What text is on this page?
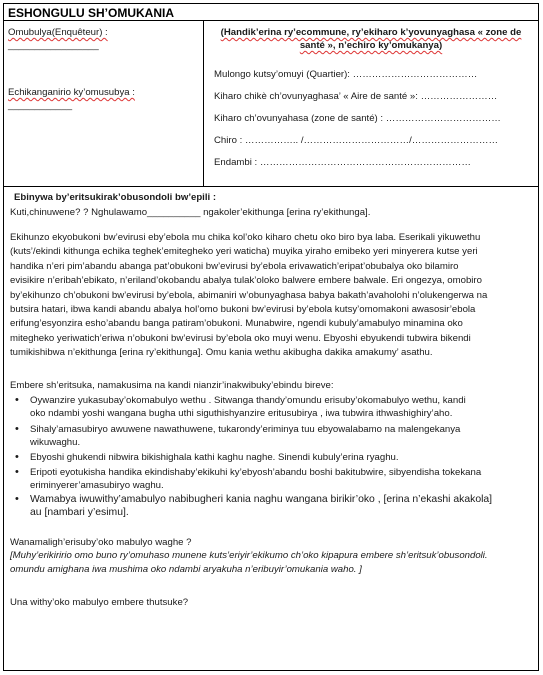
ESHONGULU SH’OMUKANIA
Omubulya(Enquêteur) :
_________________
Echikanganirio ky’omusubya :
____________
(Handik’erina ry’ecommune, ry’ekiharo k’yovunyaghasa « zone de
santé », n’echiro ky’omukanya)
Mulongo kutsy’omuyi (Quartier): …………………………………
Kiharo chikè ch’ovunyaghasa’ « Aire de santé »: ……………………
Kiharo ch’ovunyahasa (zone de santé) : ………………………………
Chiro : …………….. /……………………………/………………………
Endambi : …………………………………………………………
Ebinywa by’eritsukirak’obusondoli bw’epili :
Kuti,chinuwene? ? Nghulawamo__________ ngakoler’ekithunga [erina ry’ekithunga].
Ekihunzo ekyobukoni bw’evirusi eby’ebola mu chika kol’oko kiharo chetu oko biro bya laba. Eserikali yikuwethu
(kuts’/ekindi kithunga echika teghek’emitegheko yeri waticha) muyika yiraho emibeko yeri minyerera kutse yeri
handika n’eri pim’abandu abanga pat’obukoni bw’evirusi by’ebola erivawatich’eripat’obubalya oko bilamiro
evisikire n’eribah’ebikato, n’eriland’okobandu abalya tulak’oloko balwere embere balwale. Eri ongezya, omobiro
by’ekihunzo ch’obukoni bw’evirusi by’ebola, abimaniri w’obunyaghasa babya bakath’avaholohi n’olukengerwa na
butsira hatari, ibwa kandi abandu abalya hol’omo bukoni bw’evirusi by’ebola kutsy’omomakoni awasosir’ebola
erifung’esyonzira esho’abandu banga patiram’obukoni. Munabwire, ngendi kubuly’amabulyo minamina oko
mitegheko yeriwatich’eriwa n’obukoni bw’evirusi by’ebola oko muyi wenu. Ebyoshi ebyukendi tubwira bikendi
tumikishibwa n’ekithunga [erina ry’ekithunga]. Omu kania wethu akibugha dakika amakumy’ asathu.
Embere sh’eritsuka, namakusima na kandi nianzir’inakwibuky’ebindu bireve:
• Oywanzire yukasubay’okomabulyo wethu . Sitwanga thandy’omundu erisuby’okomabulyo wethu, kandi
oko ndambi yoshi wangana bugha uthi siguthishyanzire eritusubirya , iwa tubwira ithwashighiry’aho.
• Sihaly’amasubiryo awuwene nawathuwene, tukarondy’eriminya tuu ebyowalabamo na malengekanya
wikuwaghu.
• Ebyoshi ghukendi nibwira bikishighala kathi kaghu naghe. Sinendi kubuly’erina ryaghu.
• Eripoti eyotukisha handika ekindishaby’ekikuhi ky’ebyosh’abandu boshi bakitubwire, sibyendisha tokekana
eriminyerer’amasubiryo waghu.
• Wamabya iwuwithy’amabulyo nabibugheri kania naghu wangana birikir’oko , [erina n’ekashi akakola]
au [nambari y’esimu].
Wanamaligh’erisuby’oko mabulyo waghe ?
[Muhy’erikiririo omo buno ry’omuhaso munene kuts’eriyir’ekikumo ch’oko kipapura embere sh’eritsuk’obusondoli.
omundu amighana iwa mushima oko ndambi aryakuha n’eribuyir’omukania waho. ]
Una withy’oko mabulyo embere thutsuke?
